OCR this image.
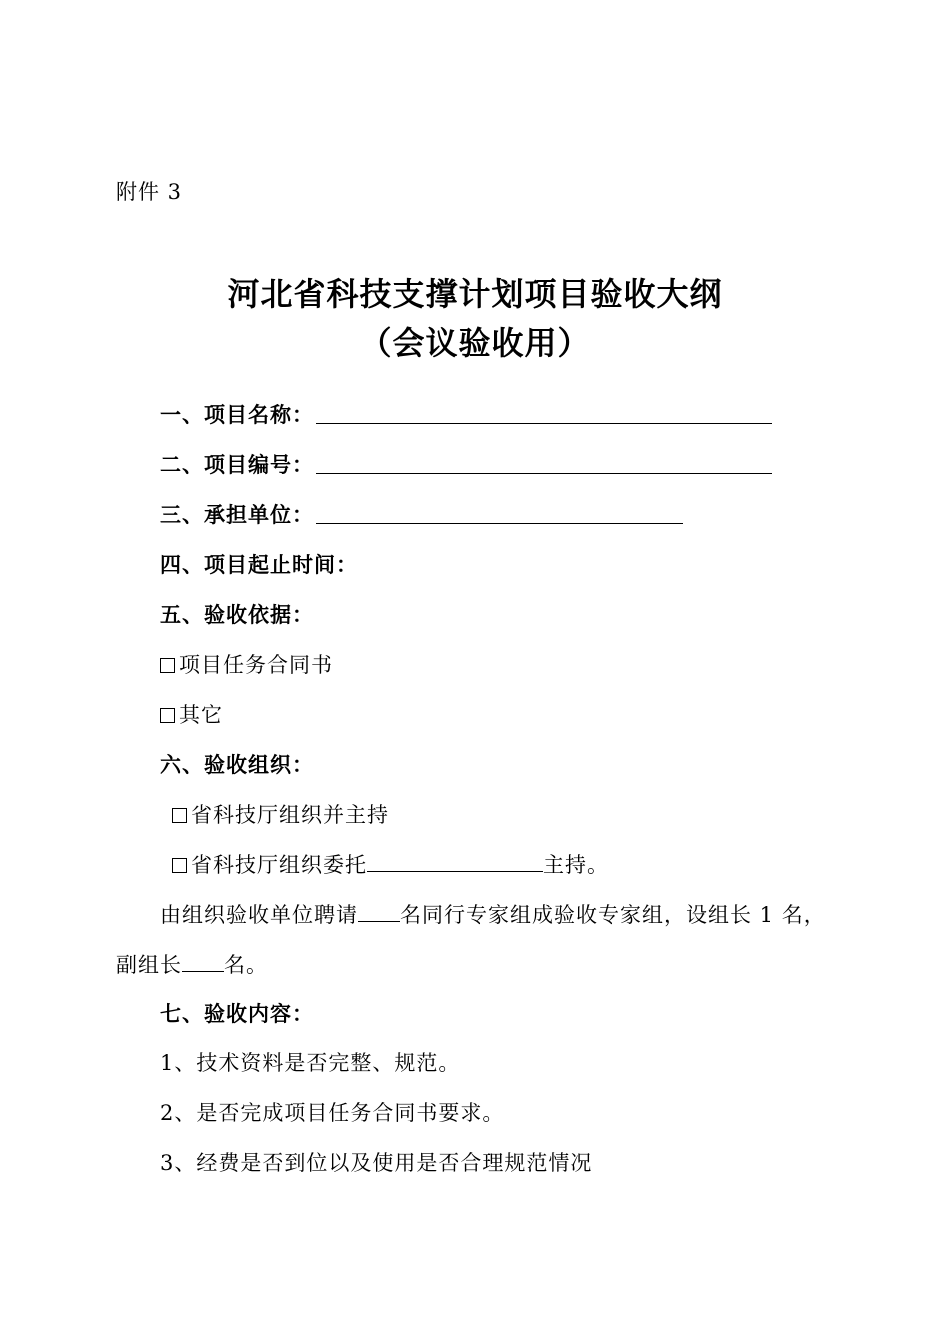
附件 3
河北省科技支撑计划项目验收大纲
（会议验收用）
一、项目名称：
二、项目编号：
三、承担单位：
四、项目起止时间：
五、验收依据：
项目任务合同书
其它
六、验收组织：
省科技厅组织并主持
省科技厅组织委托	主持。
由组织验收单位聘请 名同行专家组成验收专家组，设组长 1 名，
副组长 名。
七、验收内容：
1、技术资料是否完整、规范。
2、是否完成项目任务合同书要求。
3、经费是否到位以及使用是否合理规范情况
